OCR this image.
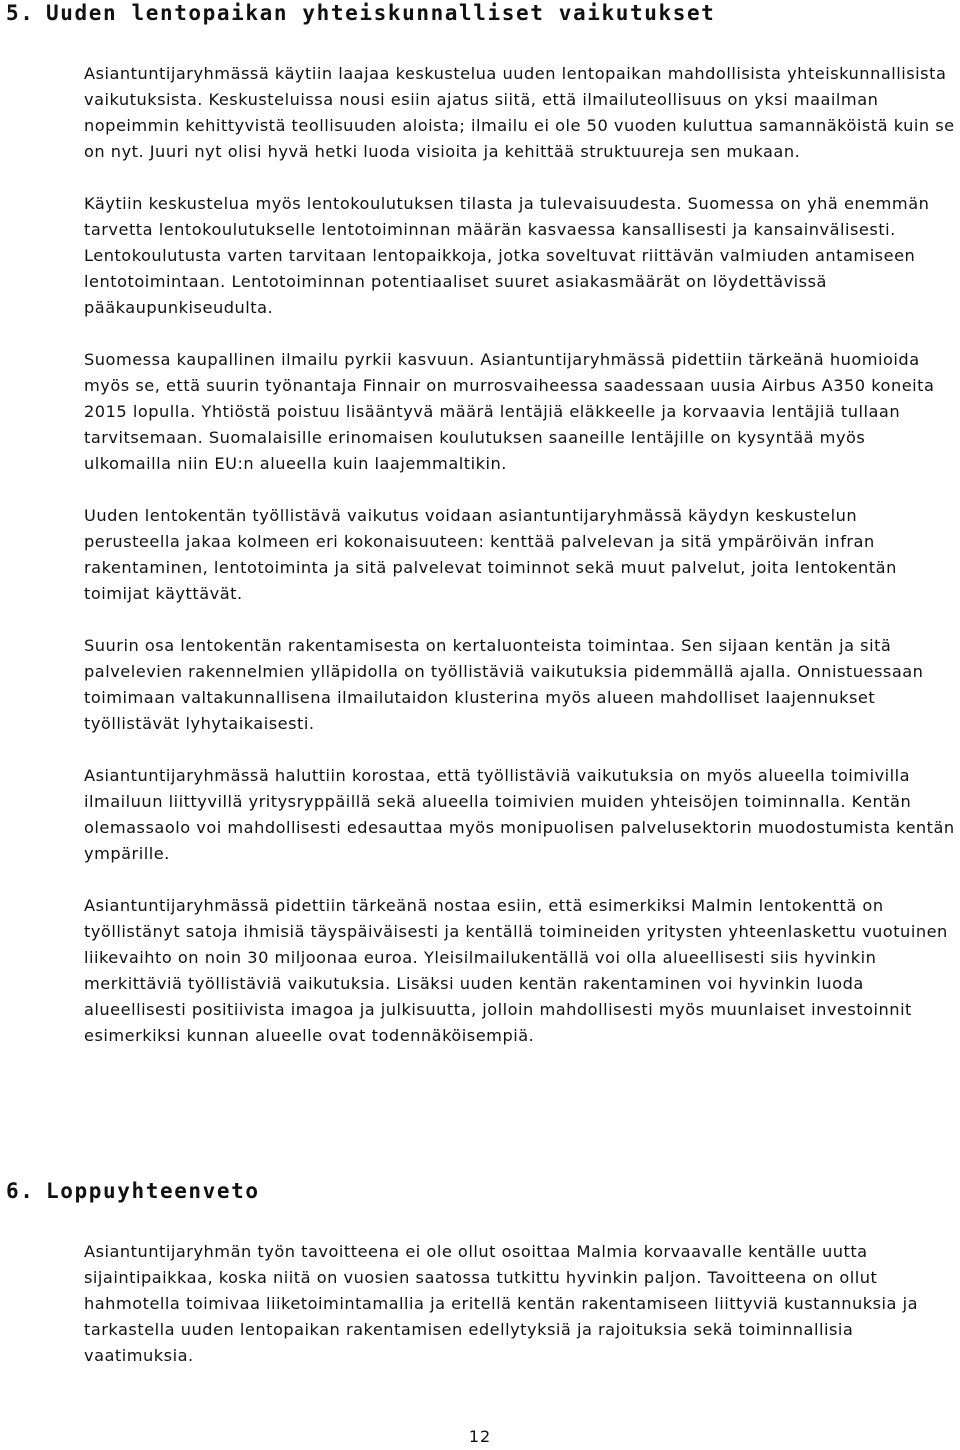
5. Uuden lentopaikan yhteiskunnalliset vaikutukset

Asiantuntijaryhmässä käytiin laajaa keskustelua uuden lentopaikan mahdollisista yhteiskunnallisista vaikutuksista. Keskusteluissa nousi esiin ajatus siitä, että ilmailuteollisuus on yksi maailman nopeimmin kehittyvistä teollisuuden aloista; ilmailu ei ole 50 vuoden kuluttua samannäköistä kuin se on nyt. Juuri nyt olisi hyvä hetki luoda visioita ja kehittää struktuureja sen mukaan.

Käytiin keskustelua myös lentokoulutuksen tilasta ja tulevaisuudesta. Suomessa on yhä enemmän tarvetta lentokoulutukselle lentotoiminnan määrän kasvaessa kansallisesti ja kansainvälisesti. Lentokoulutusta varten tarvitaan lentopaikkoja, jotka soveltuvat riittävän valmiuden antamiseen lentotoimintaan. Lentotoiminnan potentiaaliset suuret asiakasmäärät on löydettävissä pääkaupunkiseudulta.

Suomessa kaupallinen ilmailu pyrkii kasvuun. Asiantuntijaryhmässä pidettiin tärkeänä huomioida myös se, että suurin työnantaja Finnair on murrosvaiheessa saadessaan uusia Airbus A350 koneita 2015 lopulla. Yhtiöstä poistuu lisääntyvä määrä lentäjiä eläkkeelle ja korvaavia lentäjiä tullaan tarvitsemaan. Suomalaisille erinomaisen koulutuksen saaneille lentäjille on kysyntää myös ulkomailla niin EU:n alueella kuin laajemmaltikin.

Uuden lentokentän työllistävä vaikutus voidaan asiantuntijaryhmässä käydyn keskustelun perusteella jakaa kolmeen eri kokonaisuuteen: kenttää palvelevan ja sitä ympäröivän infran rakentaminen, lentotoiminta ja sitä palvelevat toiminnot sekä muut palvelut, joita lentokentän toimijat käyttävät.

Suurin osa lentokentän rakentamisesta on kertaluonteista toimintaa. Sen sijaan kentän ja sitä palvelevien rakennelmien ylläpidolla on työllistäviä vaikutuksia pidemmällä ajalla. Onnistuessaan toimimaan valtakunnallisena ilmailutaidon klusterina myös alueen mahdolliset laajennukset työllistävät lyhytaikaisesti.

Asiantuntijaryhmässä haluttiin korostaa, että työllistäviä vaikutuksia on myös alueella toimivilla ilmailuun liittyvillä yritysryppäillä sekä alueella toimivien muiden yhteisöjen toiminnalla. Kentän olemassaolo voi mahdollisesti edesauttaa myös monipuolisen palvelusektorin muodostumista kentän ympärille.

Asiantuntijaryhmässä pidettiin tärkeänä nostaa esiin, että esimerkiksi Malmin lentokenttä on työllistänyt satoja ihmisiä täyspäiväisesti ja kentällä toimineiden yritysten yhteenlaskettu vuotuinen liikevaihto on noin 30 miljoonaa euroa. Yleisilmailukentällä voi olla alueellisesti siis hyvinkin merkittäviä työllistäviä vaikutuksia. Lisäksi uuden kentän rakentaminen voi hyvinkin luoda alueellisesti positiivista imagoa ja julkisuutta, jolloin mahdollisesti myös muunlaiset investoinnit esimerkiksi kunnan alueelle ovat todennäköisempiä.

6. Loppuyhteenveto

Asiantuntijaryhmän työn tavoitteena ei ole ollut osoittaa Malmia korvaavalle kentälle uutta sijaintipaikkaa, koska niitä on vuosien saatossa tutkittu hyvinkin paljon. Tavoitteena on ollut hahmotella toimivaa liiketoimintamallia ja eritellä kentän rakentamiseen liittyviä kustannuksia ja tarkastella uuden lentopaikan rakentamisen edellytyksiä ja rajoituksia sekä toiminnallisia vaatimuksia.

12
